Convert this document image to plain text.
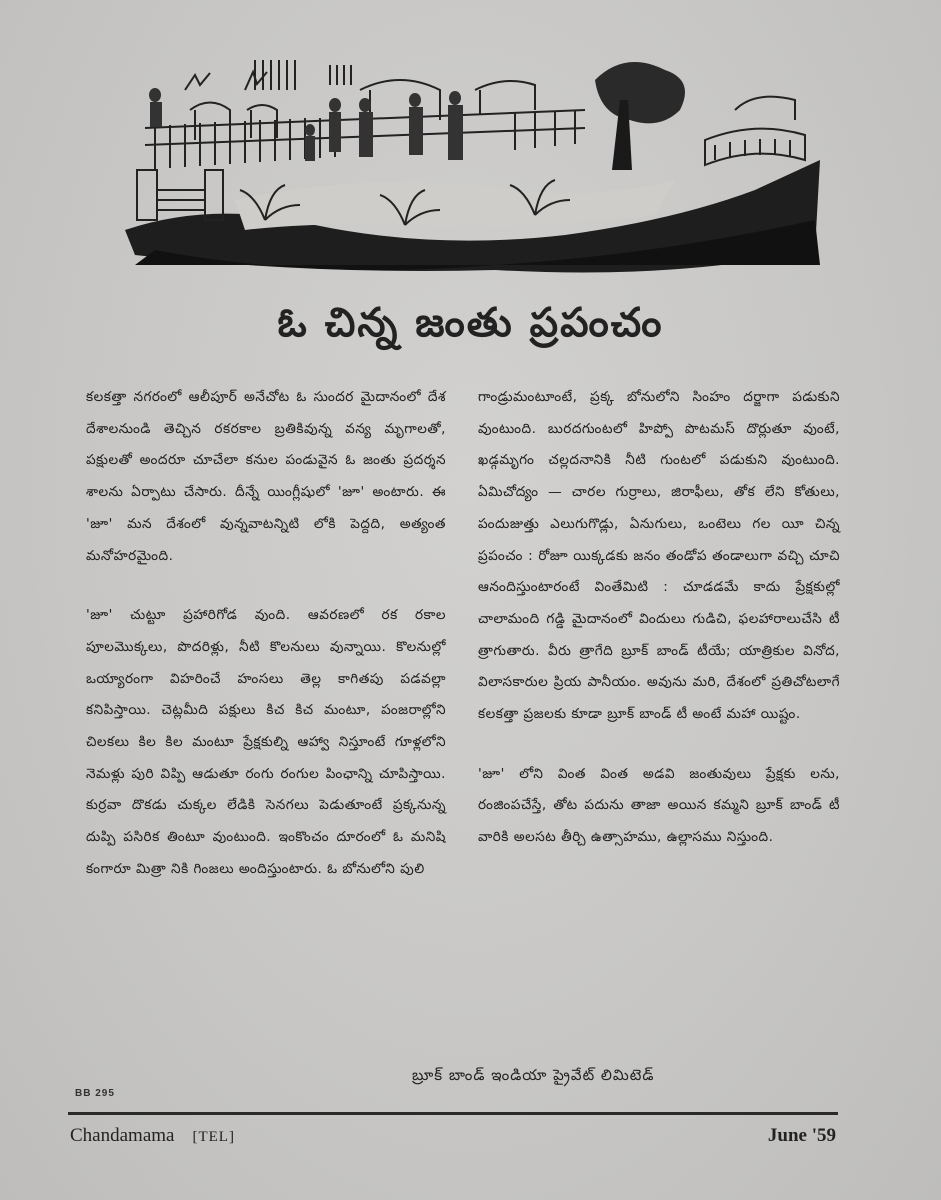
ఓ చిన్న జంతు ప్రపంచం

కలకత్తా నగరంలో ఆలీపూర్ అనేచోట ఓ సుందర మైదానంలో దేశ దేశాలనుండి తెచ్చిన రకరకాల బ్రతికివున్న వన్య మృగాలతో, పక్షులతో అందరూ చూచేలా కనుల పండువైన ఓ జంతు ప్రదర్శన శాలను ఏర్పాటు చేసారు. దీన్నే యింగ్లీషులో 'జూ' అంటారు. ఈ 'జూ' మన దేశంలో వున్నవాటన్నిటి లోకి పెద్దది, అత్యంత మనోహరమైంది.

'జూ' చుట్టూ ప్రహారిగోడ వుంది. ఆవరణలో రక రకాల పూలమొక్కలు, పొదరిళ్లు, నీటి కొలనులు వున్నాయి. కొలనుల్లో ఒయ్యారంగా విహరించే హంసలు తెల్ల కాగితపు పడవల్లా కనిపిస్తాయి. చెట్లమీది పక్షులు కిచ కిచ మంటూ, పంజరాల్లోని చిలకలు కిల కిల మంటూ ప్రేక్షకుల్ని ఆహ్వా నిస్తూంటే గూళ్లలోని నెమళ్లు పురి విప్పి ఆడుతూ రంగు రంగుల పింఛాన్ని చూపిస్తాయి. కుర్రవా దొకడు చుక్కల లేడికి సెనగలు పెడుతూంటే ప్రక్కనున్న దుప్పి పసిరిక తింటూ వుంటుంది. ఇంకొంచం దూరంలో ఓ మనిషి కంగారూ మిత్రా నికి గింజలు అందిస్తుంటారు. ఓ బోనులోని పులి

గాండ్రుమంటూంటే, ప్రక్క బోనులోని సింహం దర్జాగా పడుకుని వుంటుంది. బురదగుంటలో హిప్పో పొటమస్ దొర్లుతూ వుంటే, ఖడ్గమృగం చల్లదనానికి నీటి గుంటలో పడుకుని వుంటుంది. ఏమిచోద్యం — చారల గుర్రాలు, జిరాఫీలు, తోక లేని కోతులు, పందుజుత్తు ఎలుగుగొడ్లు, ఏనుగులు, ఒంటెలు గల యీ చిన్న ప్రపంచం : రోజూ యిక్కడకు జనం తండోప తండాలుగా వచ్చి చూచి ఆనందిస్తుంటారంటే వింతేమిటి : చూడడమే కాదు ప్రేక్షకుల్లో చాలామంది గడ్డి మైదానంలో విందులు గుడిచి, ఫలహారాలుచేసి టీ త్రాగుతారు. వీరు త్రాగేది బ్రూక్ బాండ్ టీయే; యాత్రికుల వినోద, విలాసకారుల ప్రియ పానీయం. అవును మరి, దేశంలో ప్రతిచోటలాగే కలకత్తా ప్రజలకు కూడా బ్రూక్ బాండ్ టీ అంటే మహా యిష్టం.

'జూ' లోని వింత వింత అడవి జంతువులు ప్రేక్షకు లను, రంజింపచేస్తే, తోట పదును తాజా అయిన కమ్మని బ్రూక్ బాండ్ టీ వారికి అలసట తీర్చి ఉత్సాహము, ఉల్లాసము నిస్తుంది.

బ్రూక్ బాండ్ ఇండియా ప్రైవేట్ లిమిటెడ్
BB 295
Chandamama [TEL]	June '59
